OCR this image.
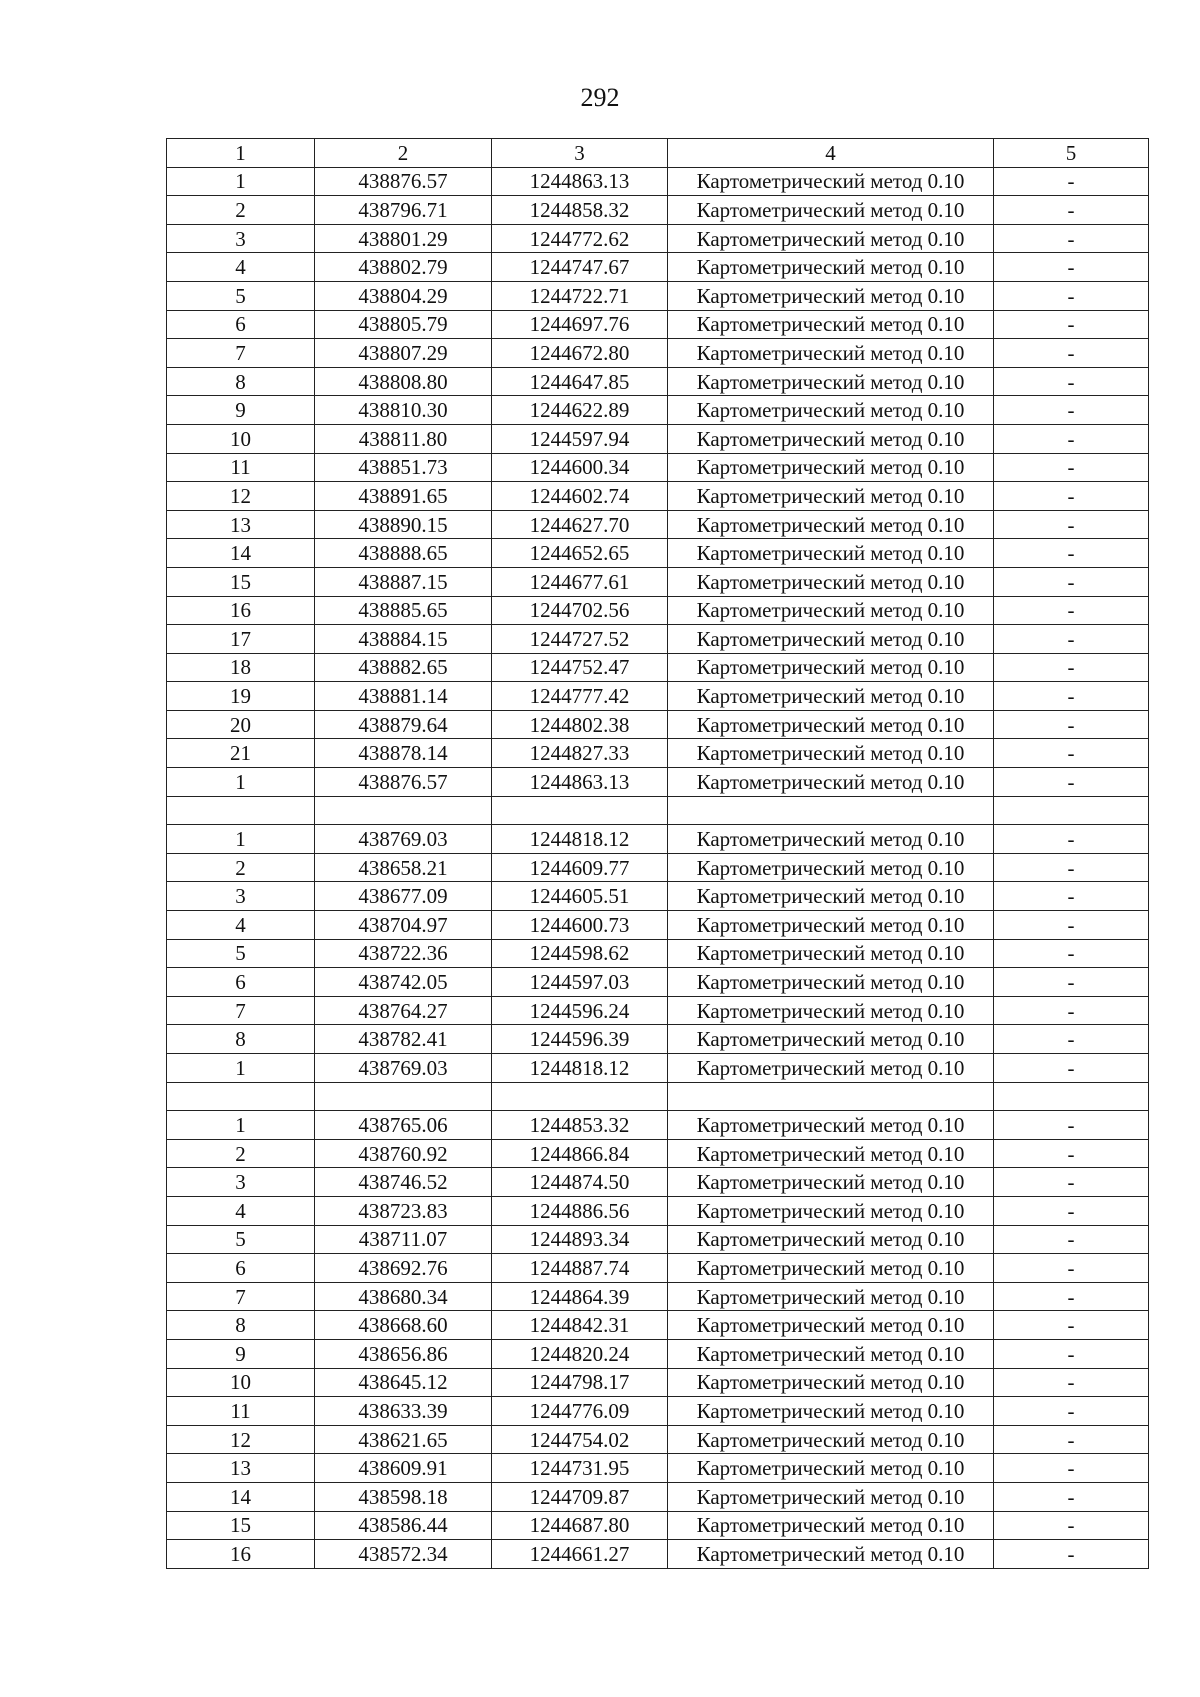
292
1	2	3	4	5
1	438876.57	1244863.13	Картометрический метод 0.10	-
2	438796.71	1244858.32	Картометрический метод 0.10	-
3	438801.29	1244772.62	Картометрический метод 0.10	-
4	438802.79	1244747.67	Картометрический метод 0.10	-
5	438804.29	1244722.71	Картометрический метод 0.10	-
6	438805.79	1244697.76	Картометрический метод 0.10	-
7	438807.29	1244672.80	Картометрический метод 0.10	-
8	438808.80	1244647.85	Картометрический метод 0.10	-
9	438810.30	1244622.89	Картометрический метод 0.10	-
10	438811.80	1244597.94	Картометрический метод 0.10	-
11	438851.73	1244600.34	Картометрический метод 0.10	-
12	438891.65	1244602.74	Картометрический метод 0.10	-
13	438890.15	1244627.70	Картометрический метод 0.10	-
14	438888.65	1244652.65	Картометрический метод 0.10	-
15	438887.15	1244677.61	Картометрический метод 0.10	-
16	438885.65	1244702.56	Картометрический метод 0.10	-
17	438884.15	1244727.52	Картометрический метод 0.10	-
18	438882.65	1244752.47	Картометрический метод 0.10	-
19	438881.14	1244777.42	Картометрический метод 0.10	-
20	438879.64	1244802.38	Картометрический метод 0.10	-
21	438878.14	1244827.33	Картометрический метод 0.10	-
1	438876.57	1244863.13	Картометрический метод 0.10	-

1	438769.03	1244818.12	Картометрический метод 0.10	-
2	438658.21	1244609.77	Картометрический метод 0.10	-
3	438677.09	1244605.51	Картометрический метод 0.10	-
4	438704.97	1244600.73	Картометрический метод 0.10	-
5	438722.36	1244598.62	Картометрический метод 0.10	-
6	438742.05	1244597.03	Картометрический метод 0.10	-
7	438764.27	1244596.24	Картометрический метод 0.10	-
8	438782.41	1244596.39	Картометрический метод 0.10	-
1	438769.03	1244818.12	Картометрический метод 0.10	-

1	438765.06	1244853.32	Картометрический метод 0.10	-
2	438760.92	1244866.84	Картометрический метод 0.10	-
3	438746.52	1244874.50	Картометрический метод 0.10	-
4	438723.83	1244886.56	Картометрический метод 0.10	-
5	438711.07	1244893.34	Картометрический метод 0.10	-
6	438692.76	1244887.74	Картометрический метод 0.10	-
7	438680.34	1244864.39	Картометрический метод 0.10	-
8	438668.60	1244842.31	Картометрический метод 0.10	-
9	438656.86	1244820.24	Картометрический метод 0.10	-
10	438645.12	1244798.17	Картометрический метод 0.10	-
11	438633.39	1244776.09	Картометрический метод 0.10	-
12	438621.65	1244754.02	Картометрический метод 0.10	-
13	438609.91	1244731.95	Картометрический метод 0.10	-
14	438598.18	1244709.87	Картометрический метод 0.10	-
15	438586.44	1244687.80	Картометрический метод 0.10	-
16	438572.34	1244661.27	Картометрический метод 0.10	-
